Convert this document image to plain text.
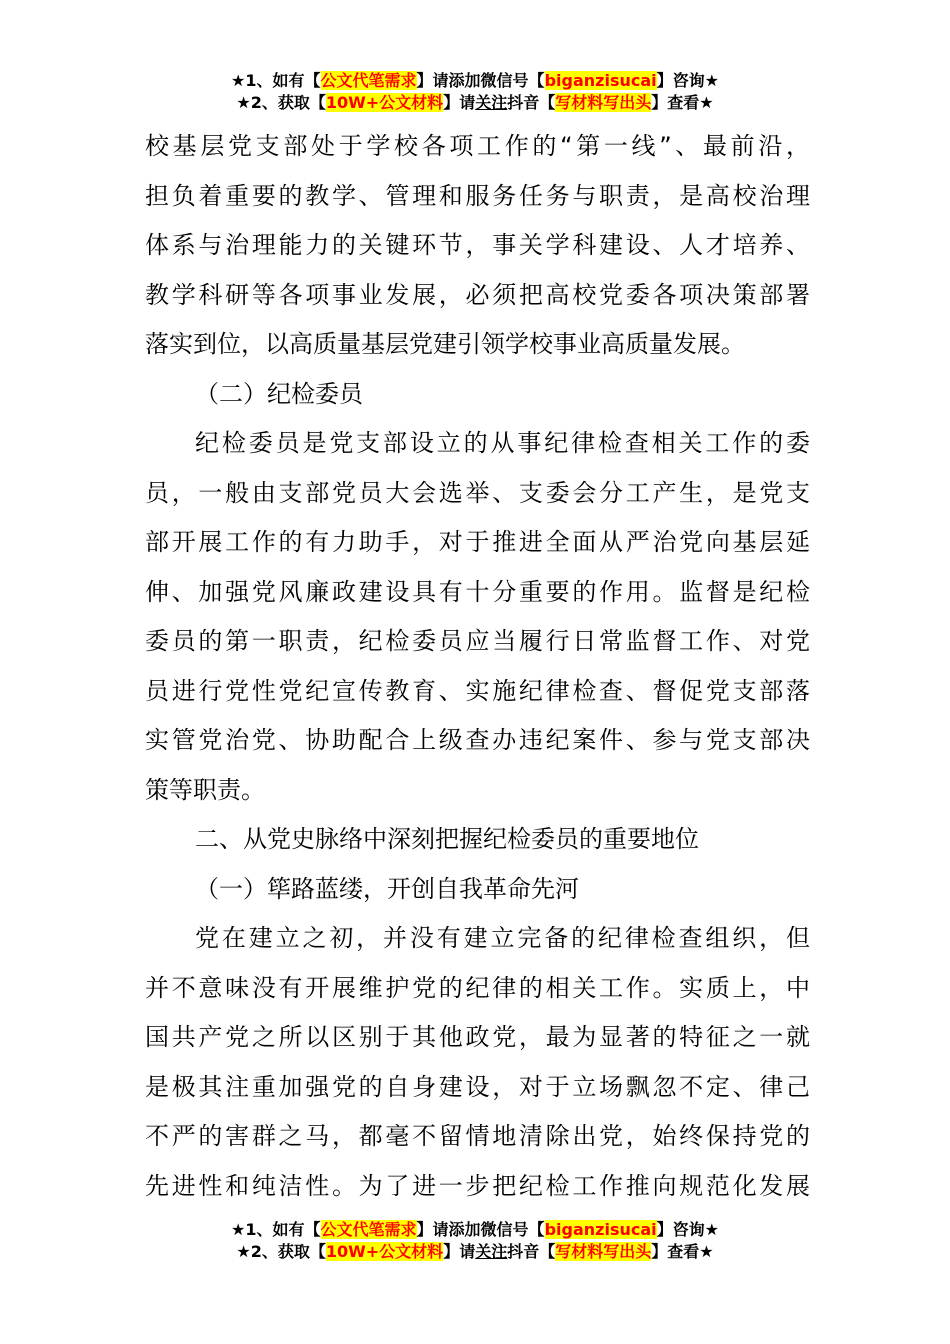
★1、如有【公文代笔需求】请添加微信号【biganzisucai】咨询★
★2、获取【10W+公文材料】请关注抖音【写材料写出头】查看★
校基层党支部处于学校各项工作的“第一线”、最前沿，
担负着重要的教学、管理和服务任务与职责，是高校治理
体系与治理能力的关键环节，事关学科建设、人才培养、
教学科研等各项事业发展，必须把高校党委各项决策部署
落实到位，以高质量基层党建引领学校事业高质量发展。
（二）纪检委员
纪检委员是党支部设立的从事纪律检查相关工作的委
员，一般由支部党员大会选举、支委会分工产生，是党支
部开展工作的有力助手，对于推进全面从严治党向基层延
伸、加强党风廉政建设具有十分重要的作用。监督是纪检
委员的第一职责，纪检委员应当履行日常监督工作、对党
员进行党性党纪宣传教育、实施纪律检查、督促党支部落
实管党治党、协助配合上级查办违纪案件、参与党支部决
策等职责。
二、从党史脉络中深刻把握纪检委员的重要地位
（一）筚路蓝缕，开创自我革命先河
党在建立之初，并没有建立完备的纪律检查组织，但
并不意味没有开展维护党的纪律的相关工作。实质上，中
国共产党之所以区别于其他政党，最为显著的特征之一就
是极其注重加强党的自身建设，对于立场飘忽不定、律己
不严的害群之马，都毫不留情地清除出党，始终保持党的
先进性和纯洁性。为了进一步把纪检工作推向规范化发展
★1、如有【公文代笔需求】请添加微信号【biganzisucai】咨询★
★2、获取【10W+公文材料】请关注抖音【写材料写出头】查看★
